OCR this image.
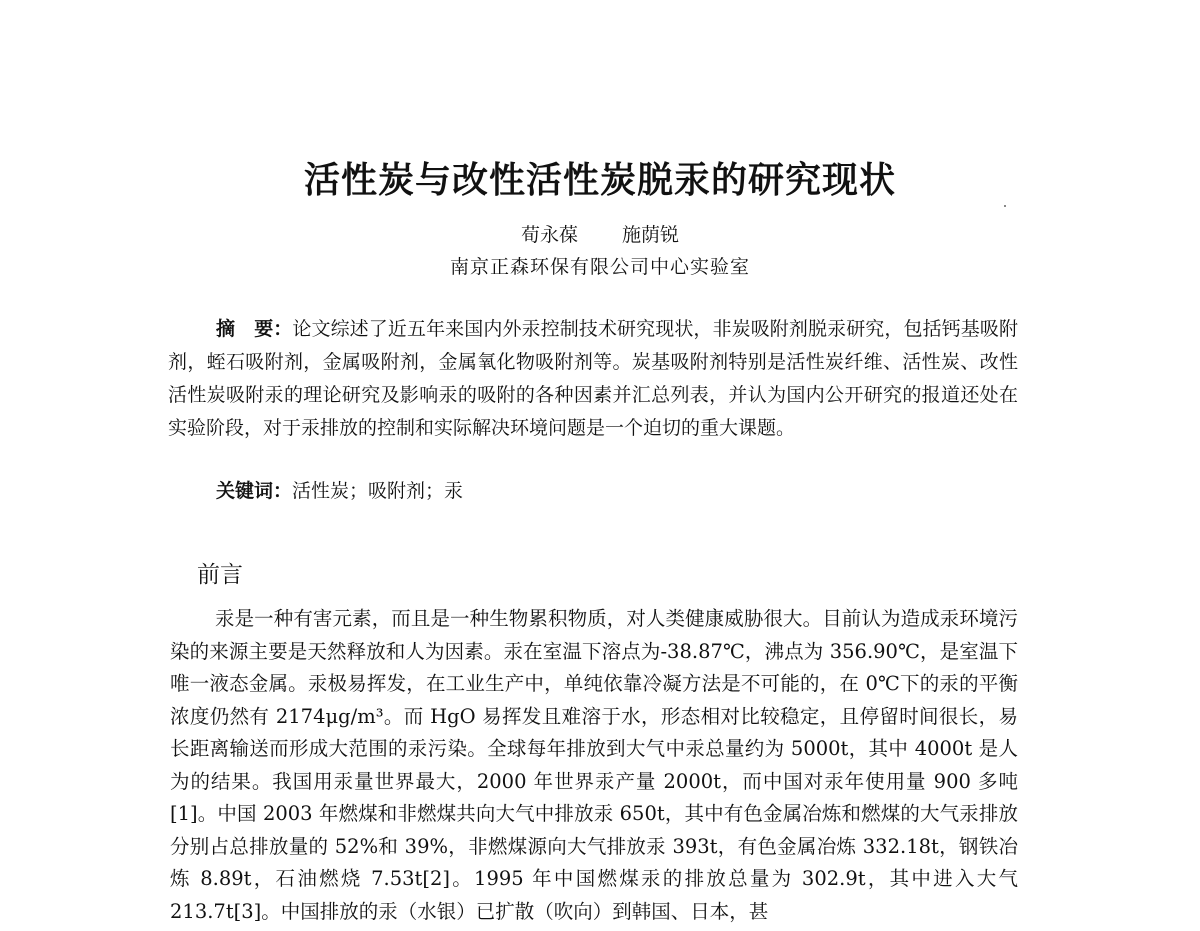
活性炭与改性活性炭脱汞的研究现状
荀永葆 施荫锐
南京正森环保有限公司中心实验室

摘　要：论文综述了近五年来国内外汞控制技术研究现状，非炭吸附剂脱汞研究，包括钙基吸附剂，蛭石吸附剂，金属吸附剂，金属氧化物吸附剂等。炭基吸附剂特别是活性炭纤维、活性炭、改性活性炭吸附汞的理论研究及影响汞的吸附的各种因素并汇总列表，并认为国内公开研究的报道还处在实验阶段，对于汞排放的控制和实际解决环境问题是一个迫切的重大课题。

关键词：活性炭；吸附剂；汞
前言

汞是一种有害元素，而且是一种生物累积物质，对人类健康威胁很大。目前认为造成汞环境污染的来源主要是天然释放和人为因素。汞在室温下溶点为-38.87℃，沸点为 356.90℃，是室温下唯一液态金属。汞极易挥发，在工业生产中，单纯依靠冷凝方法是不可能的，在 0℃下的汞的平衡浓度仍然有 2174μg/m³。而 HgO 易挥发且难溶于水，形态相对比较稳定，且停留时间很长，易长距离输送而形成大范围的汞污染。全球每年排放到大气中汞总量约为 5000t，其中 4000t 是人为的结果。我国用汞量世界最大，2000 年世界汞产量 2000t，而中国对汞年使用量 900 多吨[1]。中国 2003 年燃煤和非燃煤共向大气中排放汞 650t，其中有色金属冶炼和燃煤的大气汞排放分别占总排放量的 52%和 39%，非燃煤源向大气排放汞 393t，有色金属冶炼 332.18t，钢铁冶炼 8.89t，石油燃烧 7.53t[2]。1995 年中国燃煤汞的排放总量为 302.9t，其中进入大气 213.7t[3]。中国排放的汞（水银）已扩散（吹向）到韩国、日本，甚
